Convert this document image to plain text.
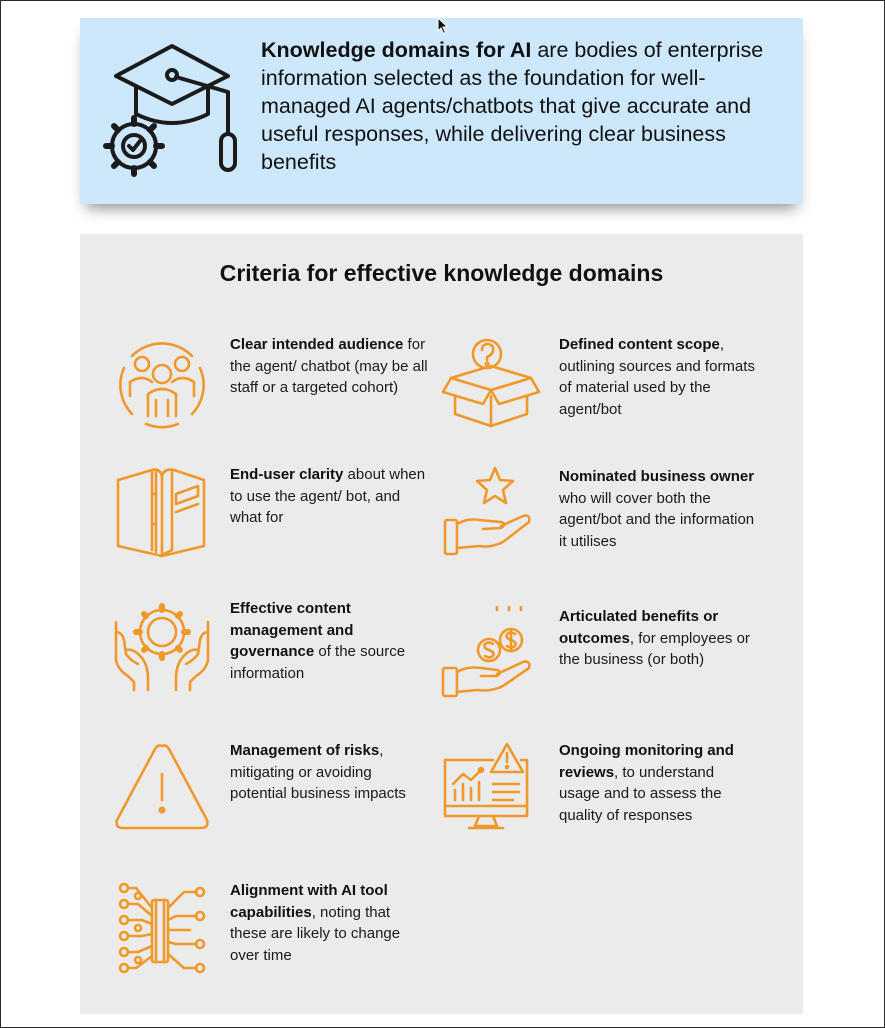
Knowledge domains for AI are bodies of enterprise information selected as the foundation for well-managed AI agents/chatbots that give accurate and useful responses, while delivering clear business benefits
Criteria for effective knowledge domains
Clear intended audience for the agent/ chatbot (may be all staff or a targeted cohort)
Defined content scope, outlining sources and formats of material used by the agent/bot
End-user clarity about when to use the agent/ bot, and what for
Nominated business owner who will cover both the agent/bot and the information it utilises
Effective content management and governance of the source information
Articulated benefits or outcomes, for employees or the business (or both)
Management of risks, mitigating or avoiding potential business impacts
Ongoing monitoring and reviews, to understand usage and to assess the quality of responses
Alignment with AI tool capabilities, noting that these are likely to change over time
